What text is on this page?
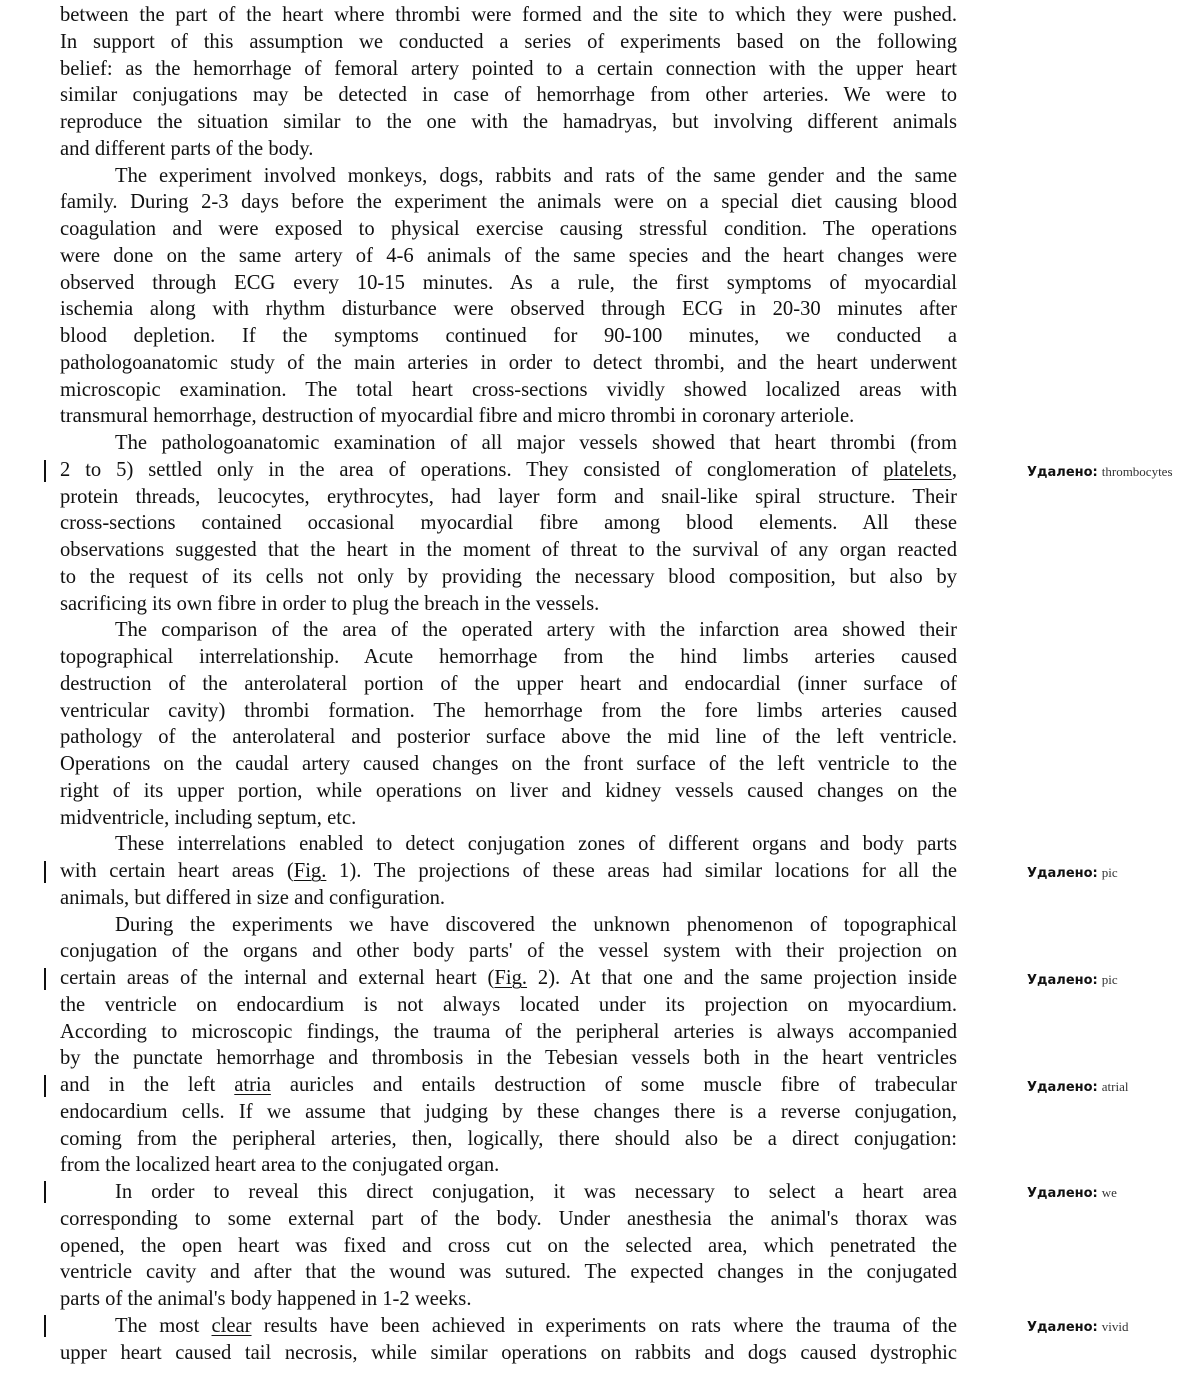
between the part of the heart where thrombi were formed and the site to which they were pushed.
In support of this assumption we conducted a series of experiments based on the following
belief: as the hemorrhage of femoral artery pointed to a certain connection with the upper heart
similar conjugations may be detected in case of hemorrhage from other arteries. We were to
reproduce the situation similar to the one with the hamadryas, but involving different animals
and different parts of the body.
The experiment involved monkeys, dogs, rabbits and rats of the same gender and the same
family. During 2-3 days before the experiment the animals were on a special diet causing blood
coagulation and were exposed to physical exercise causing stressful condition. The operations
were done on the same artery of 4-6 animals of the same species and the heart changes were
observed through ECG every 10-15 minutes. As a rule, the first symptoms of myocardial
ischemia along with rhythm disturbance were observed through ECG in 20-30 minutes after
blood depletion. If the symptoms continued for 90-100 minutes, we conducted a
pathologoanatomic study of the main arteries in order to detect thrombi, and the heart underwent
microscopic examination. The total heart cross-sections vividly showed localized areas with
transmural hemorrhage, destruction of myocardial fibre and micro thrombi in coronary arteriole.
The pathologoanatomic examination of all major vessels showed that heart thrombi (from
2 to 5) settled only in the area of operations. They consisted of conglomeration of platelets,
protein threads, leucocytes, erythrocytes, had layer form and snail-like spiral structure. Their
cross-sections contained occasional myocardial fibre among blood elements. All these
observations suggested that the heart in the moment of threat to the survival of any organ reacted
to the request of its cells not only by providing the necessary blood composition, but also by
sacrificing its own fibre in order to plug the breach in the vessels.
The comparison of the area of the operated artery with the infarction area showed their
topographical interrelationship. Acute hemorrhage from the hind limbs arteries caused
destruction of the anterolateral portion of the upper heart and endocardial (inner surface of
ventricular cavity) thrombi formation. The hemorrhage from the fore limbs arteries caused
pathology of the anterolateral and posterior surface above the mid line of the left ventricle.
Operations on the caudal artery caused changes on the front surface of the left ventricle to the
right of its upper portion, while operations on liver and kidney vessels caused changes on the
midventricle, including septum, etc.
These interrelations enabled to detect conjugation zones of different organs and body parts
with certain heart areas (Fig. 1). The projections of these areas had similar locations for all the
animals, but differed in size and configuration.
During the experiments we have discovered the unknown phenomenon of topographical
conjugation of the organs and other body parts' of the vessel system with their projection on
certain areas of the internal and external heart (Fig. 2). At that one and the same projection inside
the ventricle on endocardium is not always located under its projection on myocardium.
According to microscopic findings, the trauma of the peripheral arteries is always accompanied
by the punctate hemorrhage and thrombosis in the Tebesian vessels both in the heart ventricles
and in the left atria auricles and entails destruction of some muscle fibre of trabecular
endocardium cells. If we assume that judging by these changes there is a reverse conjugation,
coming from the peripheral arteries, then, logically, there should also be a direct conjugation:
from the localized heart area to the conjugated organ.
In order to reveal this direct conjugation, it was necessary to select a heart area
corresponding to some external part of the body. Under anesthesia the animal's thorax was
opened, the open heart was fixed and cross cut on the selected area, which penetrated the
ventricle cavity and after that the wound was sutured. The expected changes in the conjugated
parts of the animal's body happened in 1-2 weeks.
The most clear results have been achieved in experiments on rats where the trauma of the
upper heart caused tail necrosis, while similar operations on rabbits and dogs caused dystrophic
Удалено: thrombocytes
Удалено: pic
Удалено: pic
Удалено: atrial
Удалено: we
Удалено: vivid
